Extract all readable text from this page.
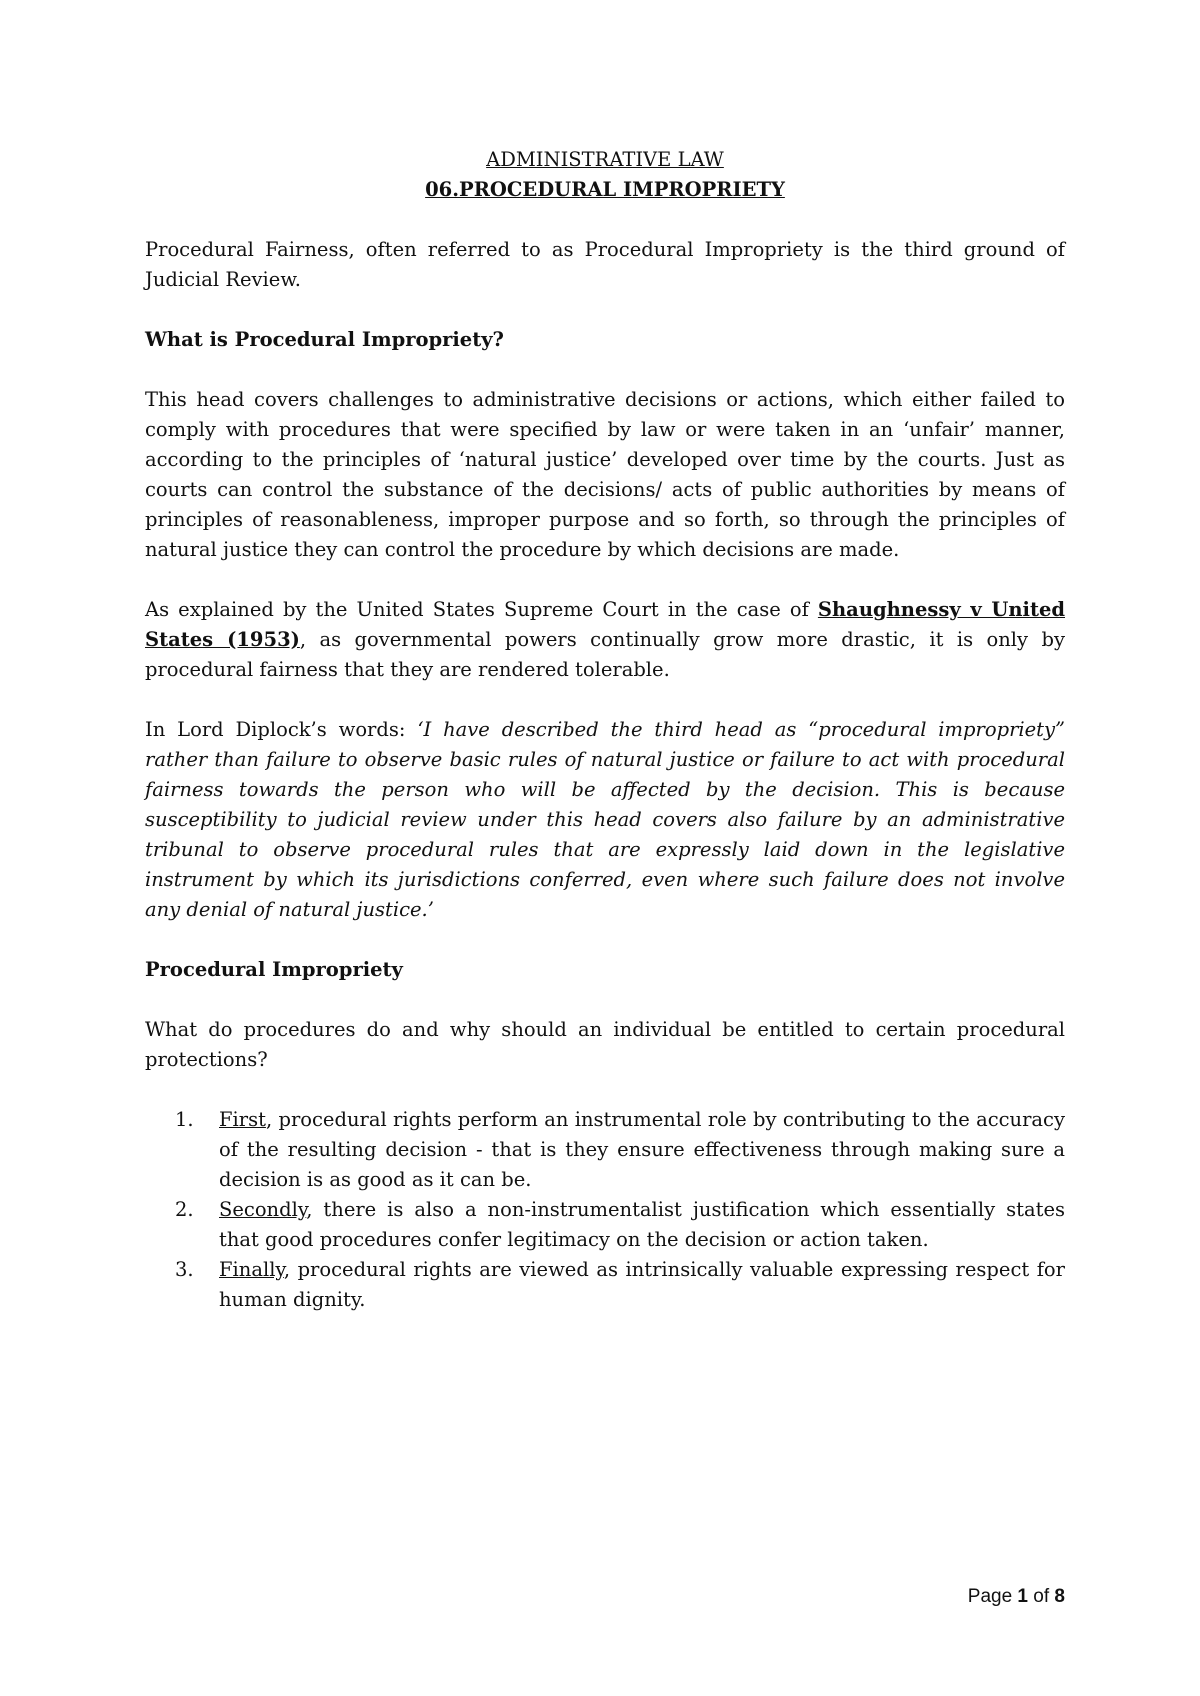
ADMINISTRATIVE LAW
06.PROCEDURAL IMPROPRIETY

Procedural Fairness, often referred to as Procedural Impropriety is the third ground of Judicial Review.

What is Procedural Impropriety?

This head covers challenges to administrative decisions or actions, which either failed to comply with procedures that were specified by law or were taken in an ‘unfair’ manner, according to the principles of ‘natural justice’ developed over time by the courts. Just as courts can control the substance of the decisions/ acts of public authorities by means of principles of reasonableness, improper purpose and so forth, so through the principles of natural justice they can control the procedure by which decisions are made.

As explained by the United States Supreme Court in the case of Shaughnessy v United States (1953), as governmental powers continually grow more drastic, it is only by procedural fairness that they are rendered tolerable.

In Lord Diplock’s words: ‘I have described the third head as “procedural impropriety” rather than failure to observe basic rules of natural justice or failure to act with procedural fairness towards the person who will be affected by the decision. This is because susceptibility to judicial review under this head covers also failure by an administrative tribunal to observe procedural rules that are expressly laid down in the legislative instrument by which its jurisdictions conferred, even where such failure does not involve any denial of natural justice.’

Procedural Impropriety

What do procedures do and why should an individual be entitled to certain procedural protections?

1.	First, procedural rights perform an instrumental role by contributing to the accuracy of the resulting decision - that is they ensure effectiveness through making sure a decision is as good as it can be.
2.	Secondly, there is also a non-instrumentalist justification which essentially states that good procedures confer legitimacy on the decision or action taken.
3.	Finally, procedural rights are viewed as intrinsically valuable expressing respect for human dignity.
Page 1 of 8
